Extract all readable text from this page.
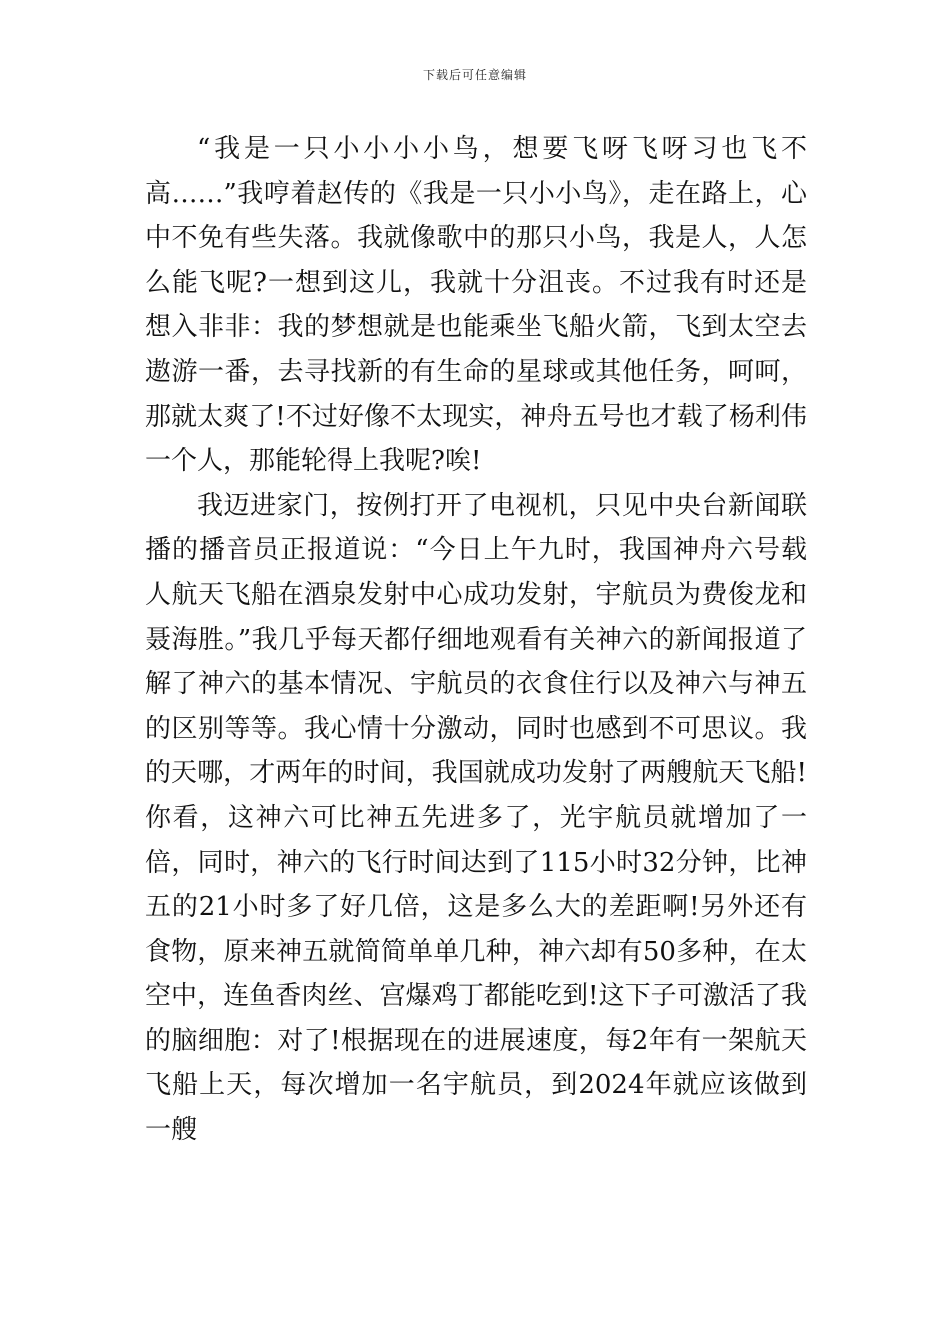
下载后可任意编辑

“我是一只小小小小鸟，想要飞呀飞呀习也飞不高……”我哼着赵传的《我是一只小小鸟》，走在路上，心中不免有些失落。我就像歌中的那只小鸟，我是人，人怎么能飞呢?一想到这儿，我就十分沮丧。不过我有时还是想入非非：我的梦想就是也能乘坐飞船火箭，飞到太空去遨游一番，去寻找新的有生命的星球或其他任务，呵呵，那就太爽了!不过好像不太现实，神舟五号也才载了杨利伟一个人，那能轮得上我呢?唉!

我迈进家门，按例打开了电视机，只见中央台新闻联播的播音员正报道说：“今日上午九时，我国神舟六号载人航天飞船在酒泉发射中心成功发射，宇航员为费俊龙和聂海胜。”我几乎每天都仔细地观看有关神六的新闻报道了解了神六的基本情况、宇航员的衣食住行以及神六与神五的区别等等。我心情十分激动，同时也感到不可思议。我的天哪，才两年的时间，我国就成功发射了两艘航天飞船!你看，这神六可比神五先进多了，光宇航员就增加了一倍，同时，神六的飞行时间达到了115小时32分钟，比神五的21小时多了好几倍，这是多么大的差距啊!另外还有食物，原来神五就简简单单几种，神六却有50多种，在太空中，连鱼香肉丝、宫爆鸡丁都能吃到!这下子可激活了我的脑细胞：对了!根据现在的进展速度，每2年有一架航天飞船上天，每次增加一名宇航员，到2024年就应该做到一艘
